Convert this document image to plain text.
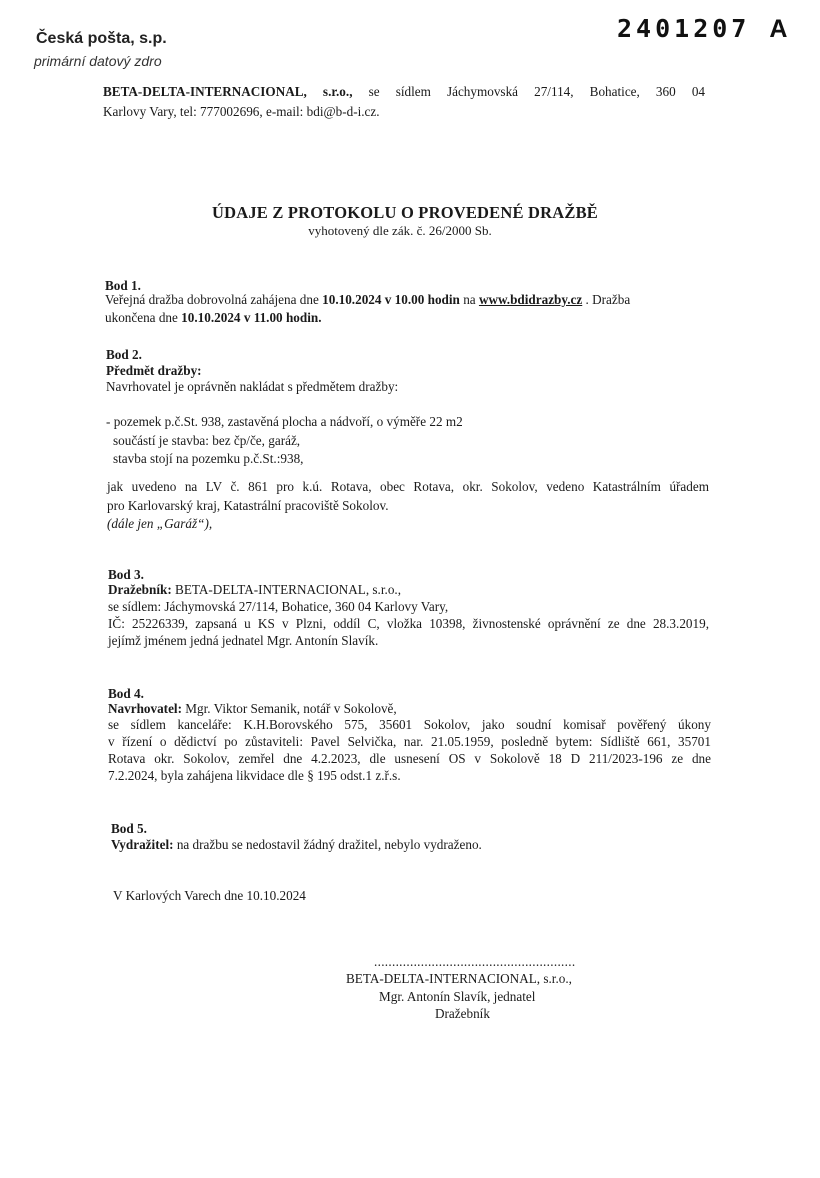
Česká pošta, s.p.
primární datový zdro
2401207 A
BETA-DELTA-INTERNACIONAL, s.r.o., se sídlem Jáchymovská 27/114, Bohatice, 360 04
Karlovy Vary, tel: 777002696, e-mail: bdi@b-d-i.cz.
ÚDAJE Z PROTOKOLU O PROVEDENÉ DRAŽBĚ
vyhotovený dle zák. č. 26/2000 Sb.
Bod 1.
Veřejná dražba dobrovolná zahájena dne 10.10.2024 v 10.00 hodin na www.bdidrazby.cz . Dražba
ukončena dne 10.10.2024 v 11.00 hodin.
Bod 2.
Předmět dražby:
Navrhovatel je oprávněn nakládat s předmětem dražby:
- pozemek p.č.St. 938, zastavěná plocha a nádvoří, o výměře 22 m2
součástí je stavba: bez čp/če, garáž,
stavba stojí na pozemku p.č.St.:938,
jak uvedeno na LV č. 861 pro k.ú. Rotava, obec Rotava, okr. Sokolov, vedeno Katastrálním úřadem
pro Karlovarský kraj, Katastrální pracoviště Sokolov.
(dále jen „Garáž“),
Bod 3.
Dražebník: BETA-DELTA-INTERNACIONAL, s.r.o.,
se sídlem: Jáchymovská 27/114, Bohatice, 360 04 Karlovy Vary,
IČ: 25226339, zapsaná u KS v Plzni, oddíl C, vložka 10398, živnostenské oprávnění ze dne 28.3.2019,
jejímž jménem jedná jednatel Mgr. Antonín Slavík.
Bod 4.
Navrhovatel: Mgr. Viktor Semanik, notář v Sokolově,
se sídlem kanceláře: K.H.Borovského 575, 35601 Sokolov, jako soudní komisař pověřený úkony
v řízení o dědictví po zůstaviteli: Pavel Selvička, nar. 21.05.1959, posledně bytem: Sídliště 661, 35701
Rotava okr. Sokolov, zemřel dne 4.2.2023, dle usnesení OS v Sokolově 18 D 211/2023-196 ze dne
7.2.2024, byla zahájena likvidace dle § 195 odst.1 z.ř.s.
Bod 5.
Vydražitel: na dražbu se nedostavil žádný dražitel, nebylo vydraženo.
V Karlových Varech dne 10.10.2024
........................................................
BETA-DELTA-INTERNACIONAL, s.r.o.,
Mgr. Antonín Slavík, jednatel
Dražebník
